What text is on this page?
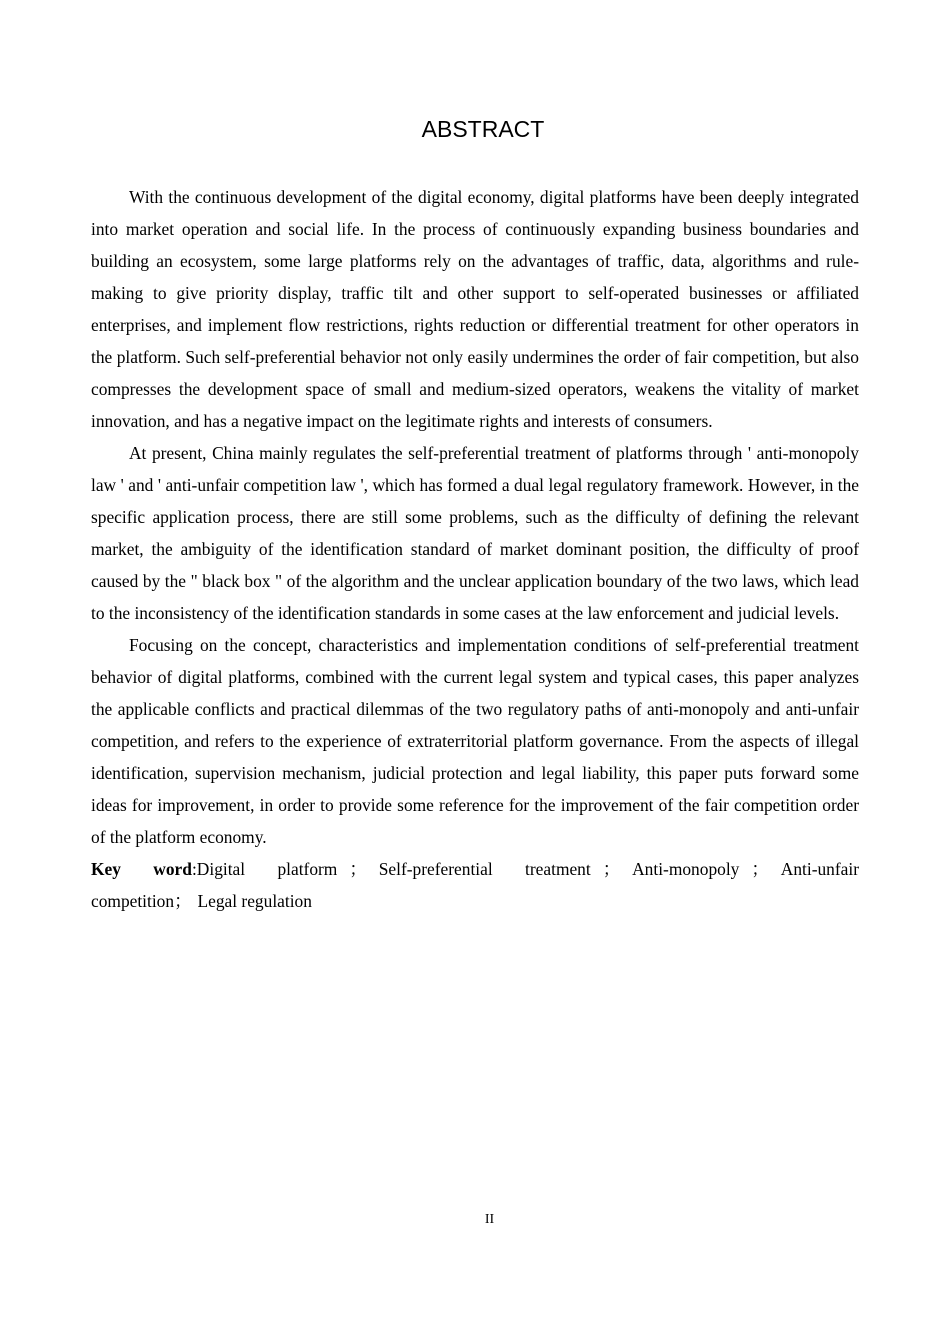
ABSTRACT

With the continuous development of the digital economy, digital platforms have been deeply integrated into market operation and social life. In the process of continuously expanding business boundaries and building an ecosystem, some large platforms rely on the advantages of traffic, data, algorithms and rule-making to give priority display, traffic tilt and other support to self-operated businesses or affiliated enterprises, and implement flow restrictions, rights reduction or differential treatment for other operators in the platform. Such self-preferential behavior not only easily undermines the order of fair competition, but also compresses the development space of small and medium-sized operators, weakens the vitality of market innovation, and has a negative impact on the legitimate rights and interests of consumers.

At present, China mainly regulates the self-preferential treatment of platforms through ' anti-monopoly law ' and ' anti-unfair competition law ', which has formed a dual legal regulatory framework. However, in the specific application process, there are still some problems, such as the difficulty of defining the relevant market, the ambiguity of the identification standard of market dominant position, the difficulty of proof caused by the " black box " of the algorithm and the unclear application boundary of the two laws, which lead to the inconsistency of the identification standards in some cases at the law enforcement and judicial levels.

Focusing on the concept, characteristics and implementation conditions of self-preferential treatment behavior of digital platforms, combined with the current legal system and typical cases, this paper analyzes the applicable conflicts and practical dilemmas of the two regulatory paths of anti-monopoly and anti-unfair competition, and refers to the experience of extraterritorial platform governance. From the aspects of illegal identification, supervision mechanism, judicial protection and legal liability, this paper puts forward some ideas for improvement, in order to provide some reference for the improvement of the fair competition order of the platform economy.

Key word:Digital platform ； Self-preferential treatment ； Anti-monopoly ； Anti-unfair competition； Legal regulation

II
